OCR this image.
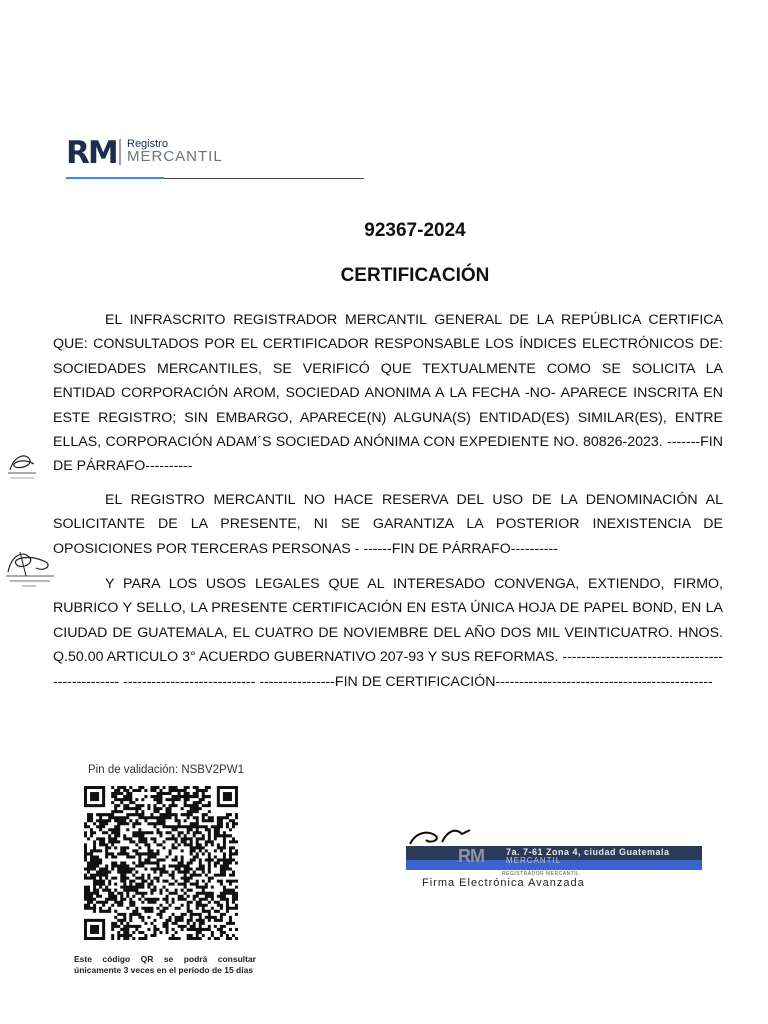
RM Registro
MERCANTIL
92367-2024
CERTIFICACIÓN
EL INFRASCRITO REGISTRADOR MERCANTIL GENERAL DE LA REPÚBLICA CERTIFICA QUE: CONSULTADOS POR EL CERTIFICADOR RESPONSABLE LOS ÍNDICES ELECTRÓNICOS DE: SOCIEDADES MERCANTILES, SE VERIFICÓ QUE TEXTUALMENTE COMO SE SOLICITA LA ENTIDAD CORPORACIÓN AROM, SOCIEDAD ANONIMA A LA FECHA -NO- APARECE INSCRITA EN ESTE REGISTRO; SIN EMBARGO, APARECE(N) ALGUNA(S) ENTIDAD(ES) SIMILAR(ES), ENTRE ELLAS, CORPORACIÓN ADAM´S SOCIEDAD ANÓNIMA CON EXPEDIENTE NO. 80826-2023. -------FIN DE PÁRRAFO----------
EL REGISTRO MERCANTIL NO HACE RESERVA DEL USO DE LA DENOMINACIÓN AL SOLICITANTE DE LA PRESENTE, NI SE GARANTIZA LA POSTERIOR INEXISTENCIA DE OPOSICIONES POR TERCERAS PERSONAS - ------FIN DE PÁRRAFO----------
Y PARA LOS USOS LEGALES QUE AL INTERESADO CONVENGA, EXTIENDO, FIRMO, RUBRICO Y SELLO, LA PRESENTE CERTIFICACIÓN EN ESTA ÚNICA HOJA DE PAPEL BOND, EN LA CIUDAD DE GUATEMALA, EL CUATRO DE NOVIEMBRE DEL AÑO DOS MIL VEINTICUATRO. HNOS. Q.50.00 ARTICULO 3° ACUERDO GUBERNATIVO 207-93 Y SUS REFORMAS. ------------------------------------------------ ---------------------------- ----------------FIN DE CERTIFICACIÓN----------------------------------------------
Pin de validación: NSBV2PW1
Este código QR se podrá consultar únicamente 3 veces en el período de 15 días
RM 7a. 7-61 Zona 4, ciudad Guatemala
MERCANTIL
REGISTRADOR MERCANTIL
Firma Electrónica Avanzada
